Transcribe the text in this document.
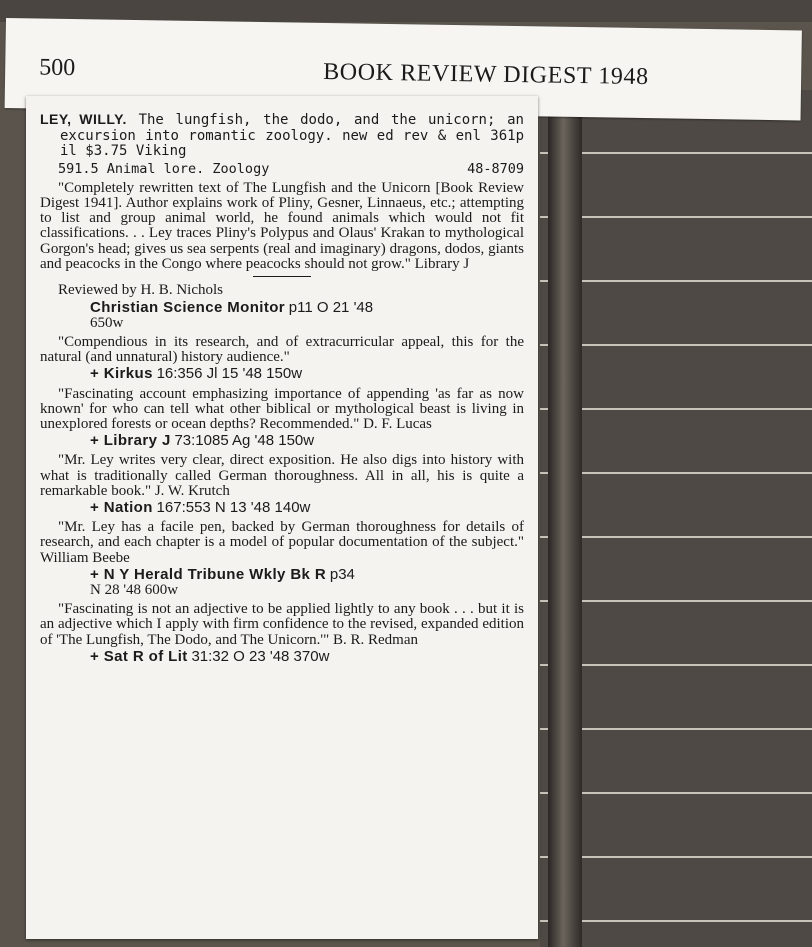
500	BOOK REVIEW DIGEST 1948

LEY, WILLY. The lungfish, the dodo, and the unicorn; an excursion into romantic zoology. new ed rev & enl 361p il $3.75 Viking

591.5 Animal lore. Zoology	48-8709

"Completely rewritten text of The Lungfish and the Unicorn [Book Review Digest 1941]. Author explains work of Pliny, Gesner, Linnaeus, etc.; attempting to list and group animal world, he found animals which would not fit classifications. . . Ley traces Pliny's Polypus and Olaus' Krakan to mythological Gorgon's head; gives us sea serpents (real and imaginary) dragons, dodos, giants and peacocks in the Congo where peacocks should not grow." Library J

Reviewed by H. B. Nichols
Christian Science Monitor p11 O 21 '48
650w

"Compendious in its research, and of extracurricular appeal, this for the natural (and unnatural) history audience."

+ Kirkus 16:356 Jl 15 '48 150w

"Fascinating account emphasizing importance of appending 'as far as now known' for who can tell what other biblical or mythological beast is living in unexplored forests or ocean depths? Recommended." D. F. Lucas

+ Library J 73:1085 Ag '48 150w

"Mr. Ley writes very clear, direct exposition. He also digs into history with what is traditionally called German thoroughness. All in all, his is quite a remarkable book." J. W. Krutch

+ Nation 167:553 N 13 '48 140w

"Mr. Ley has a facile pen, backed by German thoroughness for details of research, and each chapter is a model of popular documentation of the subject." William Beebe

+ N Y Herald Tribune Wkly Bk R p34
N 28 '48 600w

"Fascinating is not an adjective to be applied lightly to any book . . . but it is an adjective which I apply with firm confidence to the revised, expanded edition of 'The Lungfish, The Dodo, and The Unicorn.'" B. R. Redman

+ Sat R of Lit 31:32 O 23 '48 370w
